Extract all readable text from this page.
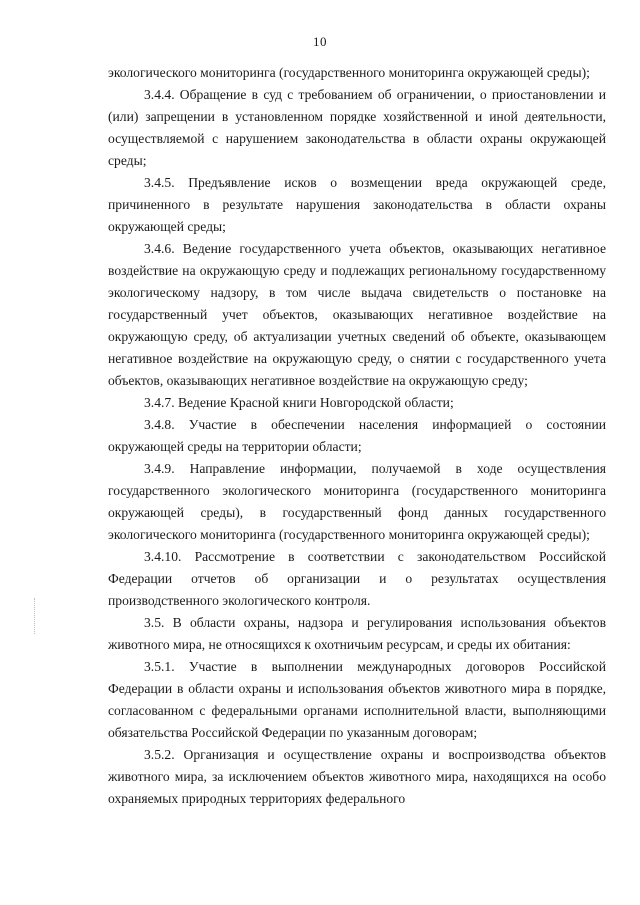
10

экологического мониторинга (государственного мониторинга окружающей среды);

3.4.4. Обращение в суд с требованием об ограничении, о приостановлении и (или) запрещении в установленном порядке хозяйственной и иной деятельности, осуществляемой с нарушением законодательства в области охраны окружающей среды;

3.4.5. Предъявление исков о возмещении вреда окружающей среде, причиненного в результате нарушения законодательства в области охраны окружающей среды;

3.4.6. Ведение государственного учета объектов, оказывающих негативное воздействие на окружающую среду и подлежащих региональному государственному экологическому надзору, в том числе выдача свидетельств о постановке на государственный учет объектов, оказывающих негативное воздействие на окружающую среду, об актуализации учетных сведений об объекте, оказывающем негативное воздействие на окружающую среду, о снятии с государственного учета объектов, оказывающих негативное воздействие на окружающую среду;

3.4.7. Ведение Красной книги Новгородской области;

3.4.8. Участие в обеспечении населения информацией о состоянии окружающей среды на территории области;

3.4.9. Направление информации, получаемой в ходе осуществления государственного экологического мониторинга (государственного мониторинга окружающей среды), в государственный фонд данных государственного экологического мониторинга (государственного мониторинга окружающей среды);

3.4.10. Рассмотрение в соответствии с законодательством Российской Федерации отчетов об организации и о результатах осуществления производственного экологического контроля.

3.5. В области охраны, надзора и регулирования использования объектов животного мира, не относящихся к охотничьим ресурсам, и среды их обитания:

3.5.1. Участие в выполнении международных договоров Российской Федерации в области охраны и использования объектов животного мира в порядке, согласованном с федеральными органами исполнительной власти, выполняющими обязательства Российской Федерации по указанным договорам;

3.5.2. Организация и осуществление охраны и воспроизводства объектов животного мира, за исключением объектов животного мира, находящихся на особо охраняемых природных территориях федерального
